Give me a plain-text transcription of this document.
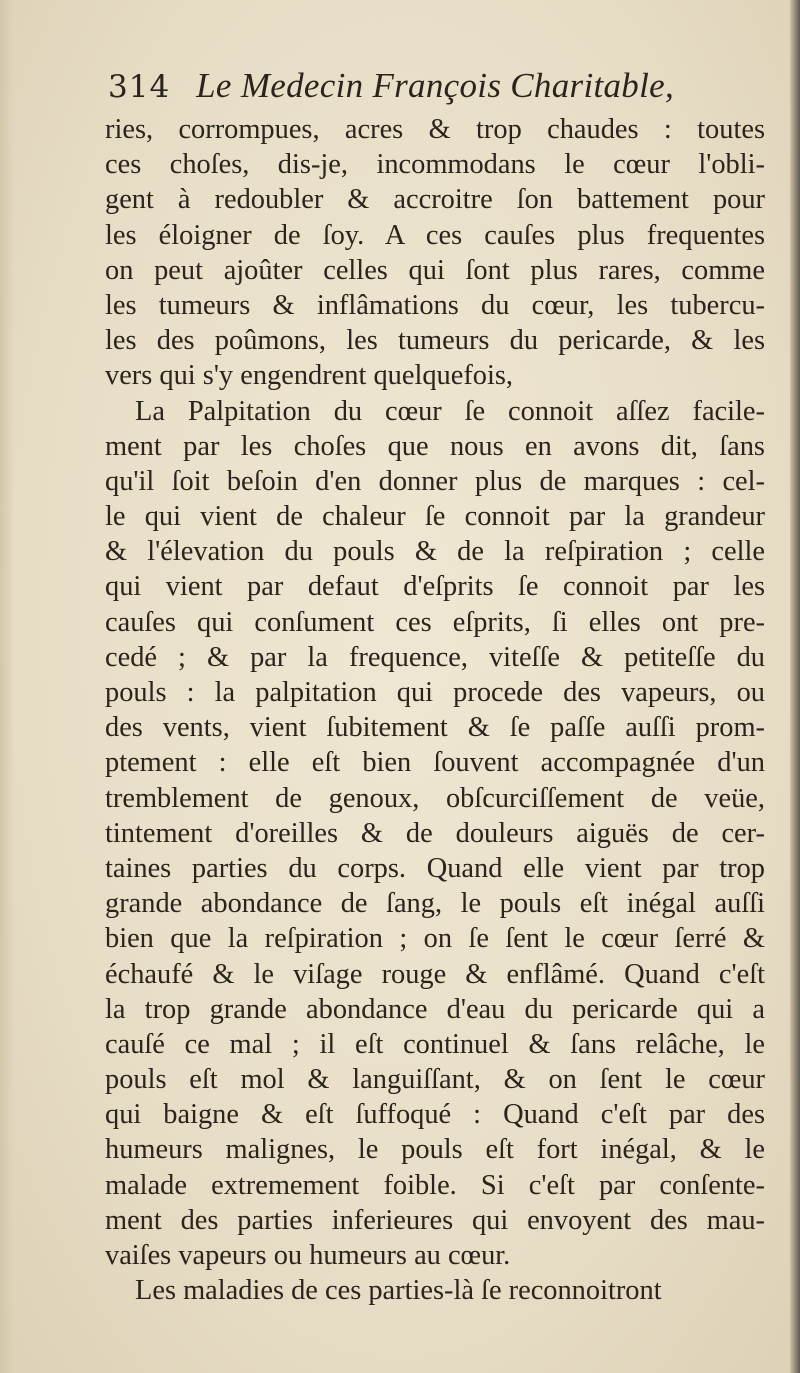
314 Le Medecin François Charitable,
ries, corrompues, acres & trop chaudes : toutes
ces choſes, dis-je, incommodans le cœur l'obli-
gent à redoubler & accroitre ſon battement pour
les éloigner de ſoy. A ces cauſes plus frequentes
on peut ajoûter celles qui ſont plus rares, comme
les tumeurs & inflâmations du cœur, les tubercu-
les des poûmons, les tumeurs du pericarde, & les
vers qui s'y engendrent quelquefois,
La Palpitation du cœur ſe connoit aſſez facile-
ment par les choſes que nous en avons dit, ſans
qu'il ſoit beſoin d'en donner plus de marques : cel-
le qui vient de chaleur ſe connoit par la grandeur
& l'élevation du pouls & de la reſpiration ; celle
qui vient par defaut d'eſprits ſe connoit par les
cauſes qui conſument ces eſprits, ſi elles ont pre-
cedé ; & par la frequence, viteſſe & petiteſſe du
pouls : la palpitation qui procede des vapeurs, ou
des vents, vient ſubitement & ſe paſſe auſſi prom-
ptement : elle eſt bien ſouvent accompagnée d'un
tremblement de genoux, obſcurciſſement de veüe,
tintement d'oreilles & de douleurs aiguës de cer-
taines parties du corps. Quand elle vient par trop
grande abondance de ſang, le pouls eſt inégal auſſi
bien que la reſpiration ; on ſe ſent le cœur ſerré &
échaufé & le viſage rouge & enflâmé. Quand c'eſt
la trop grande abondance d'eau du pericarde qui a
cauſé ce mal ; il eſt continuel & ſans relâche, le
pouls eſt mol & languiſſant, & on ſent le cœur
qui baigne & eſt ſuffoqué : Quand c'eſt par des
humeurs malignes, le pouls eſt fort inégal, & le
malade extremement foible. Si c'eſt par conſente-
ment des parties inferieures qui envoyent des mau-
vaiſes vapeurs ou humeurs au cœur.
Les maladies de ces parties-là ſe reconnoitront
